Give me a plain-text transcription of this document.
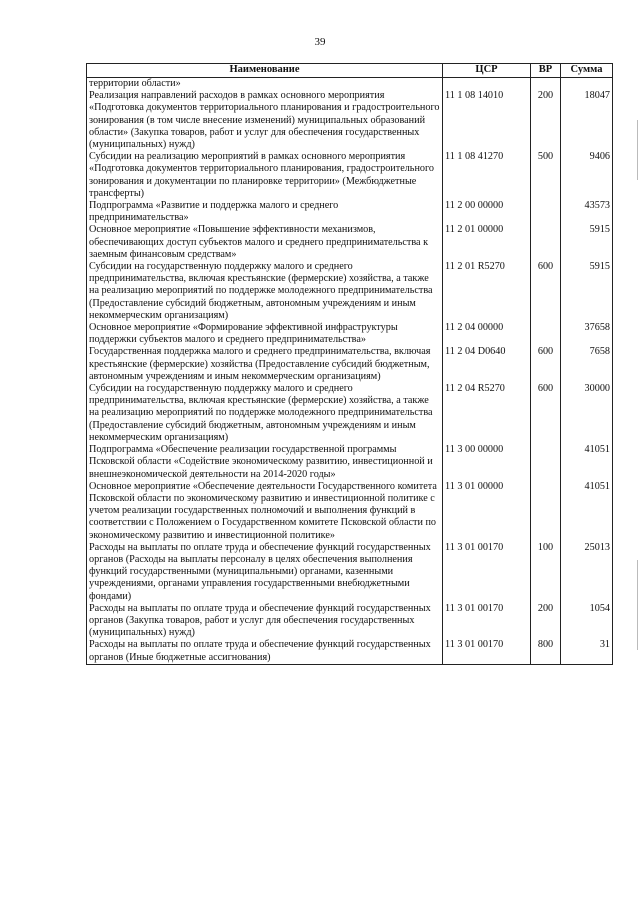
39
Наименование	ЦСР	ВР	Сумма
территории области»			
Реализация направлений расходов в рамках основного мероприятия «Подготовка документов территориального планирования и градостроительного зонирования (в том числе внесение изменений) муниципальных образований области» (Закупка товаров, работ и услуг для обеспечения государственных (муниципальных) нужд)	11 1 08 14010	200	18047
Субсидии на реализацию мероприятий в рамках основного мероприятия «Подготовка документов территориального планирования, градостроительного зонирования и документации по планировке территории» (Межбюджетные трансферты)	11 1 08 41270	500	9406
Подпрограмма «Развитие и поддержка малого и среднего предпринимательства»	11 2 00 00000		43573
Основное мероприятие «Повышение эффективности механизмов, обеспечивающих доступ субъектов малого и среднего предпринимательства к заемным финансовым средствам»	11 2 01 00000		5915
Субсидии на государственную поддержку малого и среднего предпринимательства, включая крестьянские (фермерские) хозяйства, а также на реализацию мероприятий по поддержке молодежного предпринимательства (Предоставление субсидий бюджетным, автономным учреждениям и иным некоммерческим организациям)	11 2 01 R5270	600	5915
Основное мероприятие «Формирование эффективной инфраструктуры поддержки субъектов малого и среднего предпринимательства»	11 2 04 00000		37658
Государственная поддержка малого и среднего предпринимательства, включая крестьянские (фермерские) хозяйства (Предоставление субсидий бюджетным, автономным учреждениям и иным некоммерческим организациям)	11 2 04 D0640	600	7658
Субсидии на государственную поддержку малого и среднего предпринимательства, включая крестьянские (фермерские) хозяйства, а также на реализацию мероприятий по поддержке молодежного предпринимательства (Предоставление субсидий бюджетным, автономным учреждениям и иным некоммерческим организациям)	11 2 04 R5270	600	30000
Подпрограмма «Обеспечение реализации государственной программы Псковской области «Содействие экономическому развитию, инвестиционной и внешнеэкономической деятельности на 2014-2020 годы»	11 3 00 00000		41051
Основное мероприятие «Обеспечение деятельности Государственного комитета Псковской области по экономическому развитию и инвестиционной политике с учетом реализации государственных полномочий и выполнения функций в соответствии с Положением о Государственном комитете Псковской области по экономическому развитию и инвестиционной политике»	11 3 01 00000		41051
Расходы на выплаты по оплате труда и обеспечение функций государственных органов (Расходы на выплаты персоналу в целях обеспечения выполнения функций государственными (муниципальными) органами, казенными учреждениями, органами управления государственными внебюджетными фондами)	11 3 01 00170	100	25013
Расходы на выплаты по оплате труда и обеспечение функций государственных органов (Закупка товаров, работ и услуг для обеспечения государственных (муниципальных) нужд)	11 3 01 00170	200	1054
Расходы на выплаты по оплате труда и обеспечение функций государственных органов (Иные бюджетные ассигнования)	11 3 01 00170	800	31
